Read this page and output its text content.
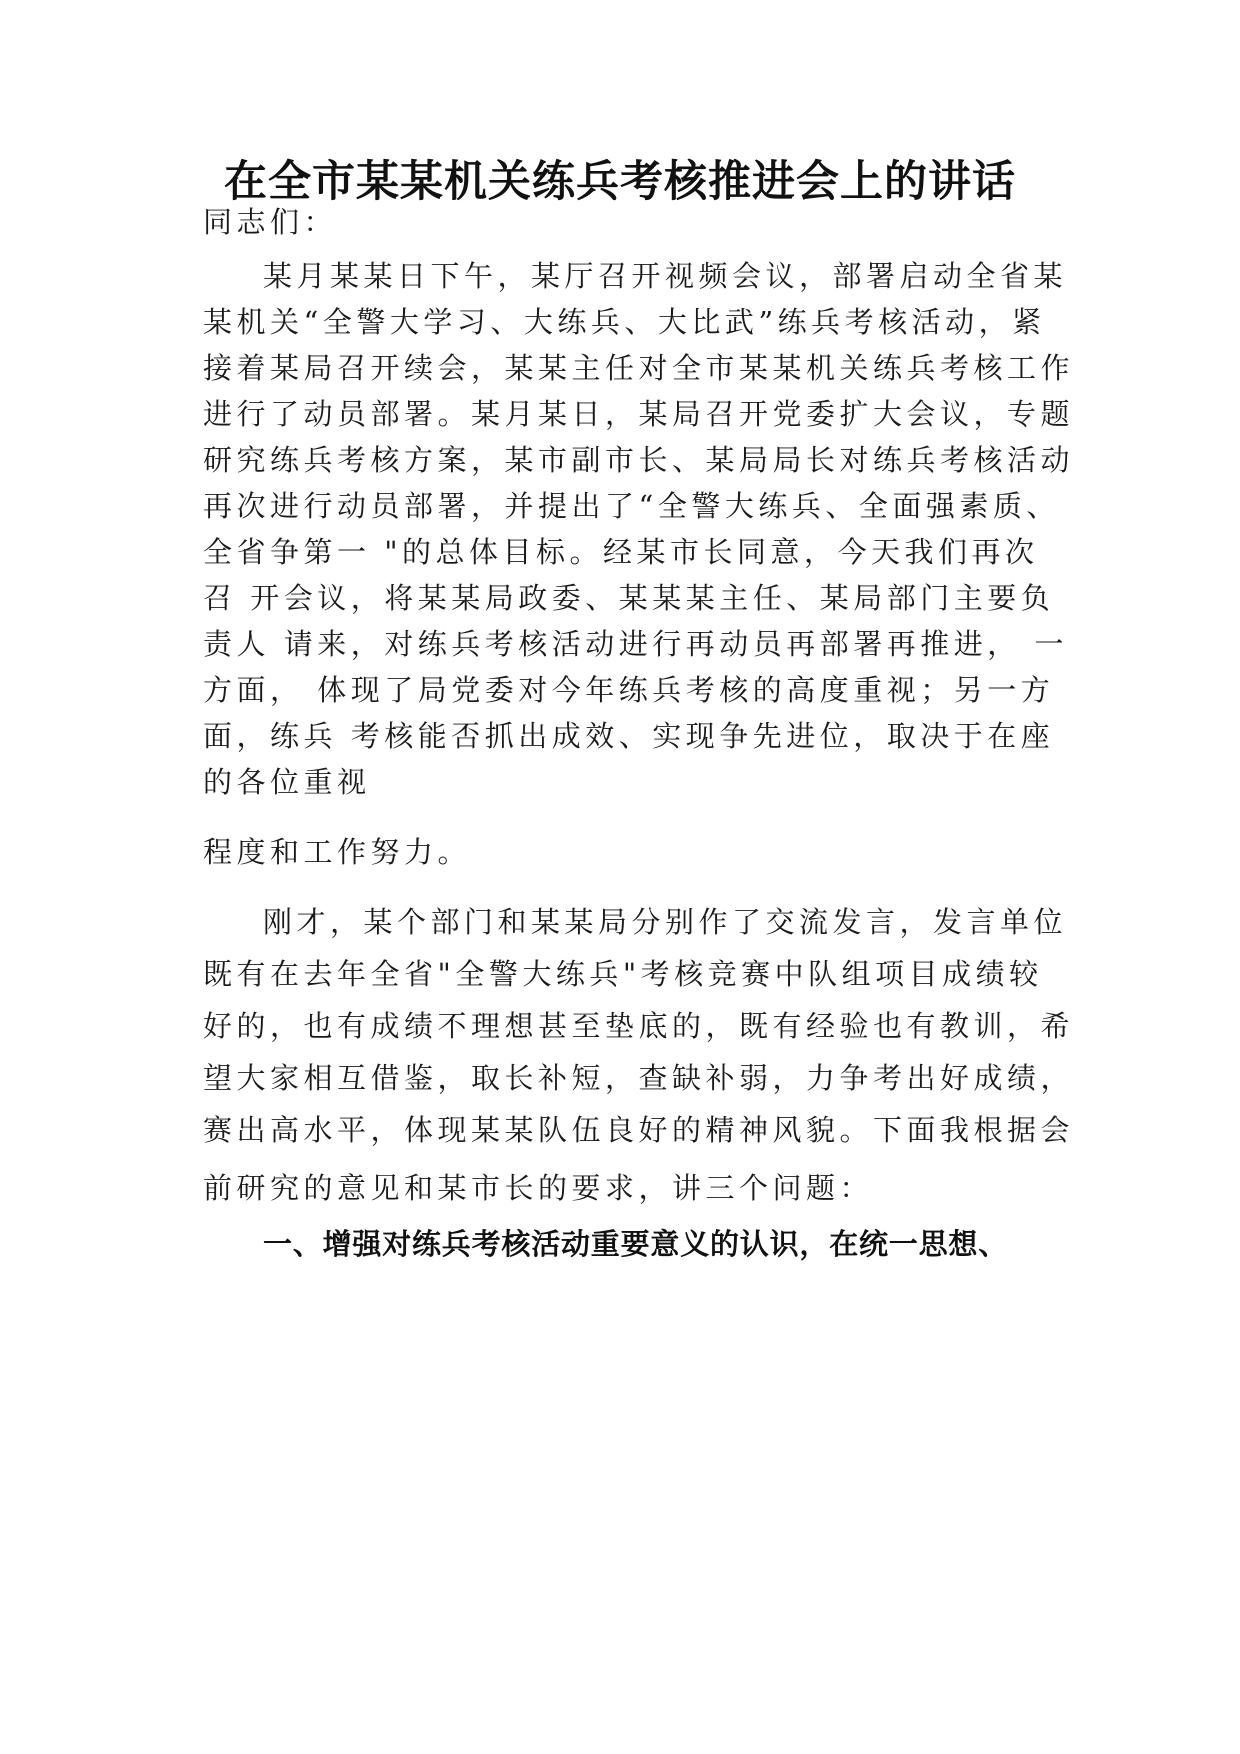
在全市某某机关练兵考核推进会上的讲话
同志们：
某月某某日下午，某厅召开视频会议，部署启动全省某
某机关“全警大学习、大练兵、大比武”练兵考核活动，紧
接着某局召开续会，某某主任对全市某某机关练兵考核工作
进行了动员部署。某月某日，某局召开党委扩大会议，专题
研究练兵考核方案，某市副市长、某局局长对练兵考核活动
再次进行动员部署，并提出了“全警大练兵、全面强素质、
全省争第一 "的总体目标。经某市长同意，今天我们再次
召 开会议，将某某局政委、某某某主任、某局部门主要负
责人 请来，对练兵考核活动进行再动员再部署再推进， 一
方面， 体现了局党委对今年练兵考核的高度重视；另一方
面，练兵 考核能否抓出成效、实现争先进位，取决于在座
的各位重视
程度和工作努力。
刚才，某个部门和某某局分别作了交流发言，发言单位
既有在去年全省"全警大练兵"考核竞赛中队组项目成绩较
好的，也有成绩不理想甚至垫底的，既有经验也有教训，希
望大家相互借鉴，取长补短，查缺补弱，力争考出好成绩，
赛出高水平，体现某某队伍良好的精神风貌。下面我根据会
前研究的意见和某市长的要求，讲三个问题：
一、增强对练兵考核活动重要意义的认识，在统一思想、
